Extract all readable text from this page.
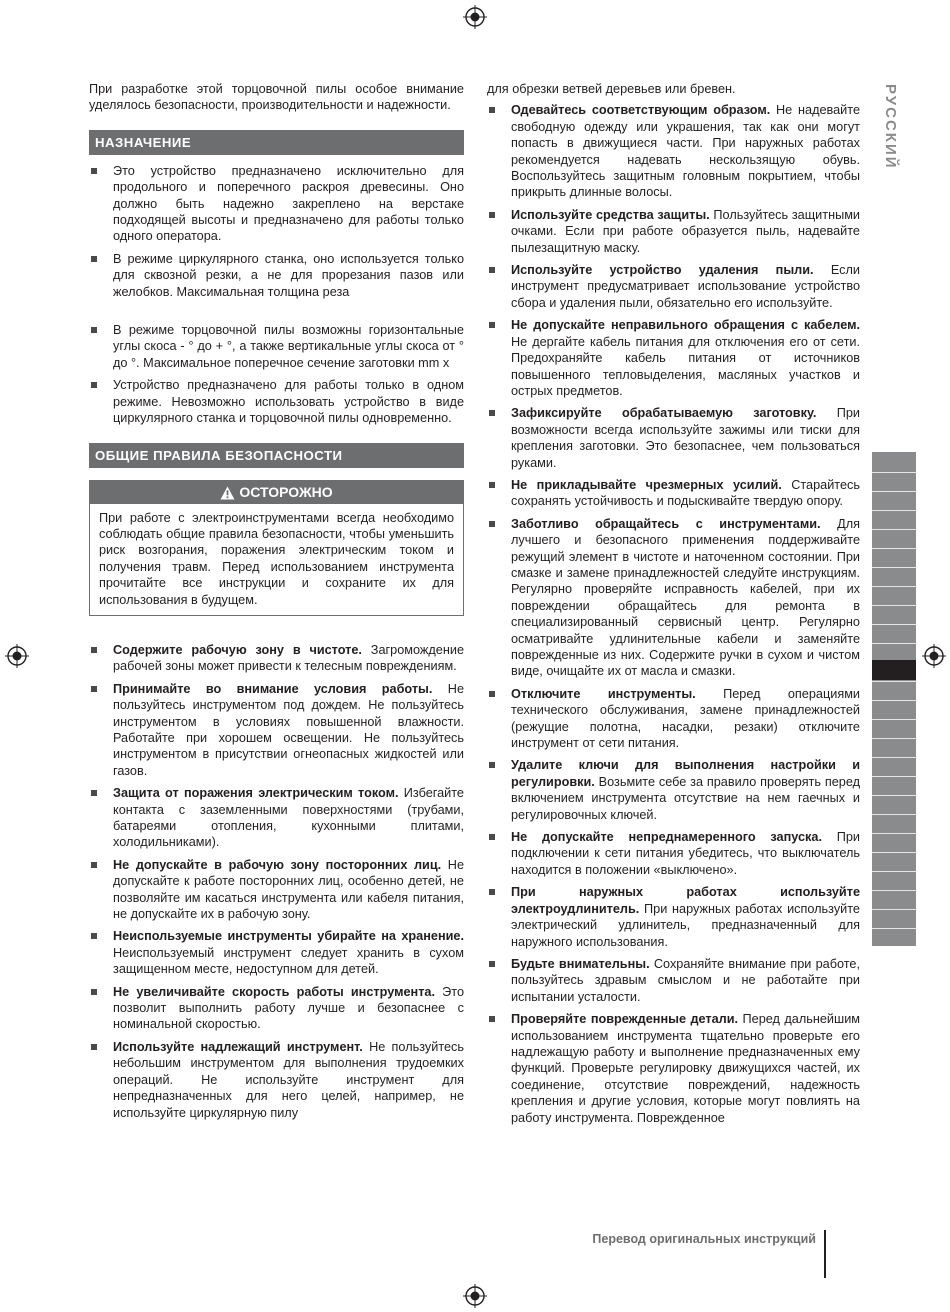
При разработке этой торцовочной пилы особое внимание уделялось безопасности, производительности и надежности.

НАЗНАЧЕНИЕ
Это устройство предназначено исключительно для продольного и поперечного раскроя древесины. Оно должно быть надежно закреплено на верстаке подходящей высоты и предназначено для работы только одного оператора.
В режиме циркулярного станка, оно используется только для сквозной резки, а не для прорезания пазов или желобков. Максимальная толщина реза
В режиме торцовочной пилы возможны горизонтальные углы скоса - ° до + °, а также вертикальные углы скоса от ° до °. Максимальное поперечное сечение заготовки mm x
Устройство предназначено для работы только в одном режиме. Невозможно использовать устройство в виде циркулярного станка и торцовочной пилы одновременно.
ОБЩИЕ ПРАВИЛА БЕЗОПАСНОСТИ
ОСТОРОЖНО
При работе с электроинструментами всегда необходимо соблюдать общие правила безопасности, чтобы уменьшить риск возгорания, поражения электрическим током и получения травм. Перед использованием инструмента прочитайте все инструкции и сохраните их для использования в будущем.
Содержите рабочую зону в чистоте. Загромождение рабочей зоны может привести к телесным повреждениям.
Принимайте во внимание условия работы. Не пользуйтесь инструментом под дождем. Не пользуйтесь инструментом в условиях повышенной влажности. Работайте при хорошем освещении. Не пользуйтесь инструментом в присутствии огнеопасных жидкостей или газов.
Защита от поражения электрическим током. Избегайте контакта с заземленными поверхностями (трубами, батареями отопления, кухонными плитами, холодильниками).
Не допускайте в рабочую зону посторонних лиц. Не допускайте к работе посторонних лиц, особенно детей, не позволяйте им касаться инструмента или кабеля питания, не допускайте их в рабочую зону.
Неиспользуемые инструменты убирайте на хранение. Неиспользуемый инструмент следует хранить в сухом защищенном месте, недоступном для детей.
Не увеличивайте скорость работы инструмента. Это позволит выполнить работу лучше и безопаснее с номинальной скоростью.
Используйте надлежащий инструмент. Не пользуйтесь небольшим инструментом для выполнения трудоемких операций. Не используйте инструмент для непредназначенных для него целей, например, не используйте циркулярную пилу

для обрезки ветвей деревьев или бревен.

Одевайтесь соответствующим образом. Не надевайте свободную одежду или украшения, так как они могут попасть в движущиеся части. При наружных работах рекомендуется надевать нескользящую обувь. Воспользуйтесь защитным головным покрытием, чтобы прикрыть длинные волосы.
Используйте средства защиты. Пользуйтесь защитными очками. Если при работе образуется пыль, надевайте пылезащитную маску.
Используйте устройство удаления пыли. Если инструмент предусматривает использование устройство сбора и удаления пыли, обязательно его используйте.
Не допускайте неправильного обращения с кабелем. Не дергайте кабель питания для отключения его от сети. Предохраняйте кабель питания от источников повышенного тепловыделения, масляных участков и острых предметов.
Зафиксируйте обрабатываемую заготовку. При возможности всегда используйте зажимы или тиски для крепления заготовки. Это безопаснее, чем пользоваться руками.
Не прикладывайте чрезмерных усилий. Старайтесь сохранять устойчивость и подыскивайте твердую опору.
Заботливо обращайтесь с инструментами. Для лучшего и безопасного применения поддерживайте режущий элемент в чистоте и наточенном состоянии. При смазке и замене принадлежностей следуйте инструкциям. Регулярно проверяйте исправность кабелей, при их повреждении обращайтесь для ремонта в специализированный сервисный центр. Регулярно осматривайте удлинительные кабели и заменяйте поврежденные из них. Содержите ручки в сухом и чистом виде, очищайте их от масла и смазки.
Отключите инструменты. Перед операциями технического обслуживания, замене принадлежностей (режущие полотна, насадки, резаки) отключите инструмент от сети питания.
Удалите ключи для выполнения настройки и регулировки. Возьмите себе за правило проверять перед включением инструмента отсутствие на нем гаечных и регулировочных ключей.
Не допускайте непреднамеренного запуска. При подключении к сети питания убедитесь, что выключатель находится в положении «выключено».
При наружных работах используйте электроудлинитель. При наружных работах используйте электрический удлинитель, предназначенный для наружного использования.
Будьте внимательны. Сохраняйте внимание при работе, пользуйтесь здравым смыслом и не работайте при испытании усталости.
Проверяйте поврежденные детали. Перед дальнейшим использованием инструмента тщательно проверьте его надлежащую работу и выполнение предназначенных ему функций. Проверьте регулировку движущихся частей, их соединение, отсутствие повреждений, надежность крепления и другие условия, которые могут повлиять на работу инструмента. Поврежденное
РУССКИЙ
Перевод оригинальных инструкций
